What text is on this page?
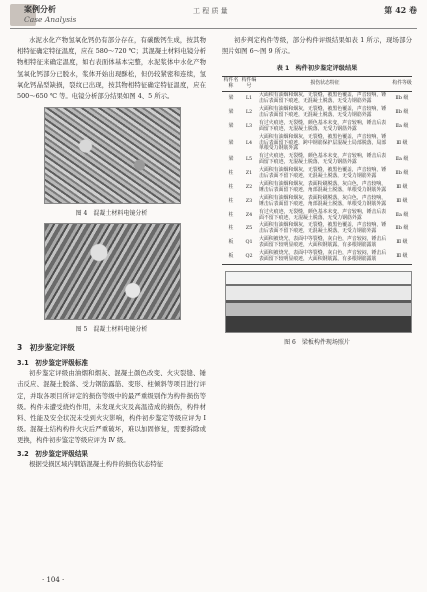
案例分析
Case Analysis
工 程 质 量	第 42 卷

水泥水化产物氢氧化钙仍有部分存在，有碳酸钙生成，按其物相特征确定特征温度，应在 580～720 ℃；其混凝土材料电镜分析物相特征来确定温度，如右表面体基本完整，水泥浆体中水化产物氢氧化钙部分已脱水，浆体开始出现酥松，但仍较紧密和连续，氢氧化钙晶型缺损，裂纹已出现，按其物相特征确定特征温度，应在 500～650 ℃ 等。电镜分析部分结果如图 4、5 所示。

图 4　混凝土材料电镜分析
图 5　混凝土材料电镜分析
3　初步鉴定评级
3.1　初步鉴定评级标准

初步鉴定评级由油烟和烟灰、混凝土颜色改变、火灾裂缝、锤击反应、混凝土脱落、受力钢筋露筋、变形、柱倾斜等项目进行评定，并取各项目所评定的损伤等级中的最严重级别作为构件损伤等级。构件未遭受烧灼作用，未发现火灾及高温造成的损伤，构件材料、性能及安全状况未受到火灾影响，构件初步鉴定等级应评为 Ⅰ 级。混凝土结构构件火灾后严重破坏，难以加固修复，需要拆除或更换，构件初步鉴定等级应评为 Ⅳ 级。

3.2　初步鉴定评级结果

根据受损区域内钢筋混凝土构件的损伤状态特征

· 104 ·

初步判定构件等级，部分构件评级结果如表 1 所示，现场部分照片如图 6～图 9 所示。

表 1　构件初步鉴定评级结果
构件名称	构件编号	损伤状态特征	构件等级
梁	L1	大面积有油烟和烟灰，无裂缝，被黑色覆盖，声音较响，锤击后表面留下痕迹，无混凝土脱落，无受力钢筋外露	Ⅱb 级
梁	L2	大面积有油烟和烟灰，无裂缝，被黑色覆盖，声音较响，锤击后表面留下痕迹，无混凝土脱落，无受力钢筋外露	Ⅱb 级
梁	L3	有过火痕迹，无裂缝，颜色基本未变，声音较响，锤击后表面留下痕迹，无混凝土脱落，无受力钢筋外露	Ⅱa 级
梁	L4	大面积有油烟和烟灰，无裂缝，被黑色覆盖，声音较响，锤击后表面留下痕迹，跨中钢筋保护层混凝土局部脱落，局部单根受力钢筋外露	Ⅲ 级
梁	L5	有过火痕迹，无裂缝，颜色基本未变，声音较响，锤击后表面留下痕迹，无混凝土脱落，无受力钢筋外露	Ⅱa 级
柱	Z1	大面积有油烟和烟灰，无裂缝，被黑色覆盖，声音较响，锤击后表面不留下痕迹，无混凝土脱落，无受力钢筋外露	Ⅱb 级
柱	Z2	大面积有油烟和烟灰，表面粉刷脱落，灰白色，声音较响，锤击后表面留下痕迹，角部混凝土脱落，单根受力钢筋外露	Ⅲ 级
柱	Z3	大面积有油烟和烟灰，表面粉刷脱落，灰白色，声音较响，锤击后表面留下痕迹，角部混凝土脱落，单根受力钢筋外露	Ⅲ 级
柱	Z4	有过火痕迹，无裂缝，颜色基本未变，声音较响，锤击后表面不留下痕迹，无混凝土脱落，无受力钢筋外露	Ⅱa 级
柱	Z5	大面积有油烟和烟灰，无裂缝，被黑色覆盖，声音较响，锤击后表面不留下痕迹，无混凝土脱落，无受力钢筋外露	Ⅱb 级
板	Q1	大面积被烧光，表面中等裂缝，灰白色，声音较闷，锤击后表面留下较明显痕迹，大面积钢筋露，有多根钢筋露筋	Ⅲ 级
板	Q2	大面积被烧光，表面中等裂缝，灰白色，声音较闷，锤击后表面留下较明显痕迹，大面积钢筋露，有多根钢筋露筋	Ⅲ 级
图 6　梁板构件现场照片
